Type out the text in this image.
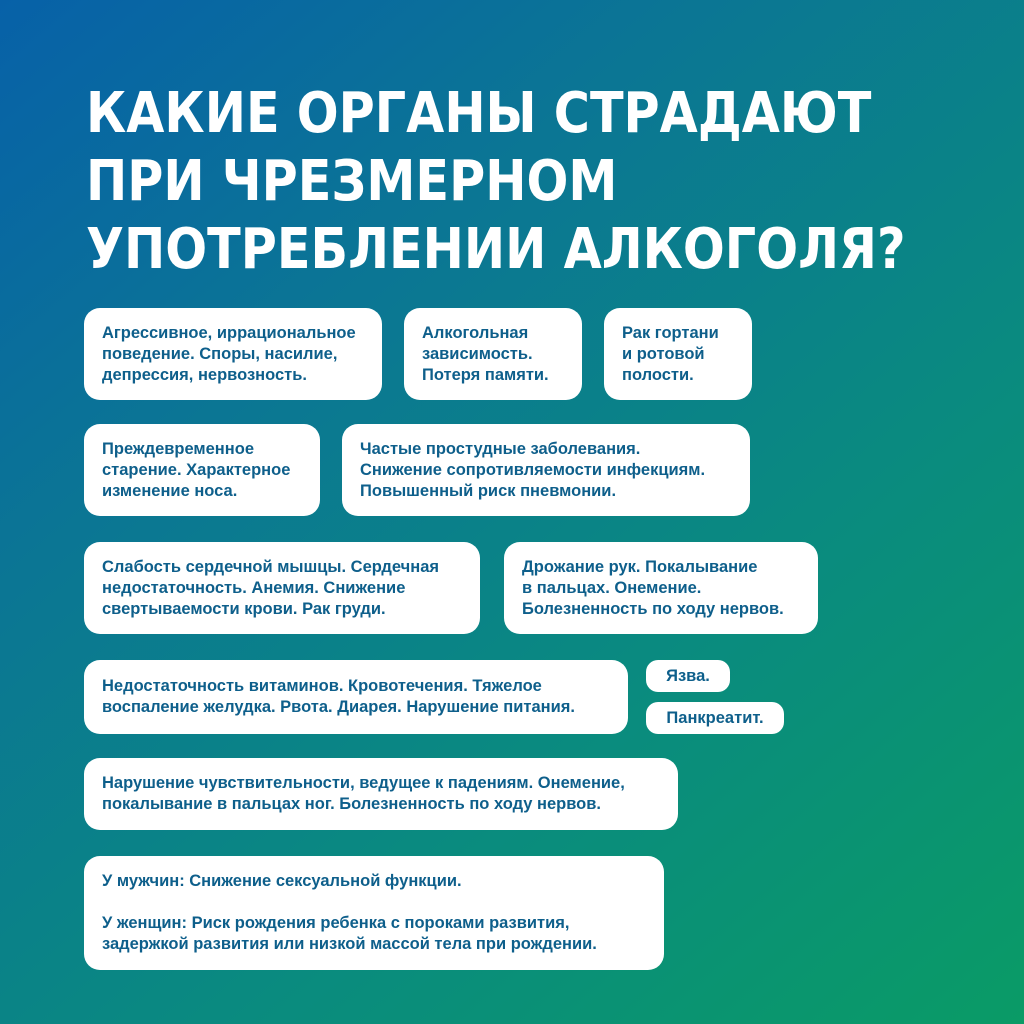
КАКИЕ ОРГАНЫ СТРАДАЮТ
ПРИ ЧРЕЗМЕРНОМ
УПОТРЕБЛЕНИИ АЛКОГОЛЯ?
Агрессивное, иррациональное
поведение. Споры, насилие,
депрессия, нервозность.
Алкогольная
зависимость.
Потеря памяти.
Рак гортани
и ротовой
полости.
Преждевременное
старение. Характерное
изменение носа.
Частые простудные заболевания.
Снижение сопротивляемости инфекциям.
Повышенный риск пневмонии.
Слабость сердечной мышцы. Сердечная
недостаточность. Анемия. Снижение
свертываемости крови. Рак груди.
Дрожание рук. Покалывание
в пальцах. Онемение.
Болезненность по ходу нервов.
Недостаточность витаминов. Кровотечения. Тяжелое
воспаление желудка. Рвота. Диарея. Нарушение питания.
Язва.
Панкреатит.
Нарушение чувствительности, ведущее к падениям. Онемение,
покалывание в пальцах ног. Болезненность по ходу нервов.
У мужчин: Снижение сексуальной функции.
У женщин: Риск рождения ребенка с пороками развития,
задержкой развития или низкой массой тела при рождении.
